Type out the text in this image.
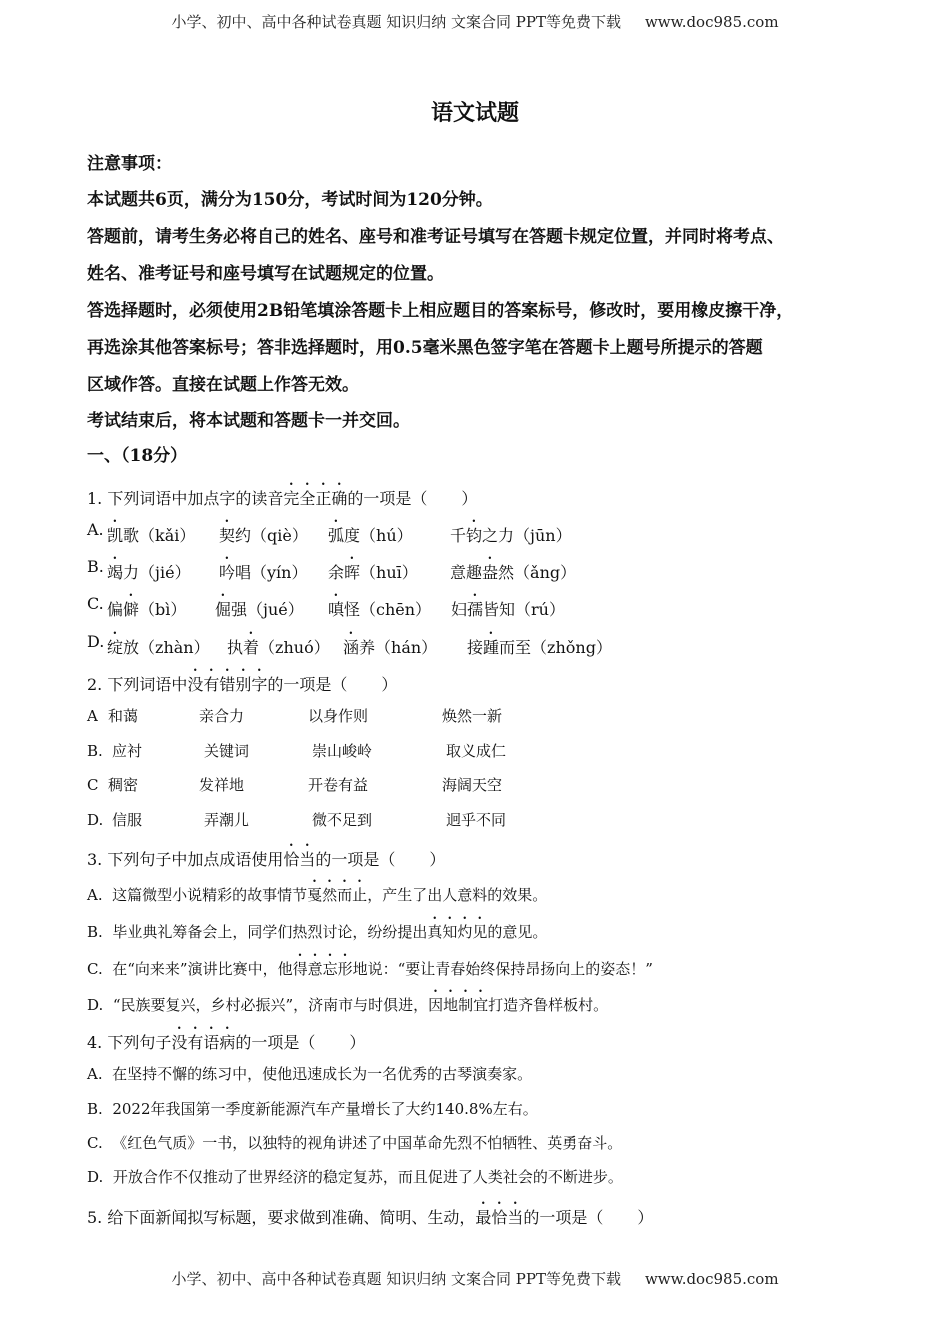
小学、初中、高中各种试卷真题 知识归纳 文案合同 PPT等免费下载 www.doc985.com
语文试题
注意事项：
本试题共6页，满分为150分，考试时间为120分钟。
答题前，请考生务必将自己的姓名、座号和准考证号填写在答题卡规定位置，并同时将考点、
姓名、准考证号和座号填写在试题规定的位置。
答选择题时，必须使用2B铅笔填涂答题卡上相应题目的答案标号，修改时，要用橡皮擦干净，
再选涂其他答案标号；答非选择题时，用0.5毫米黑色签字笔在答题卡上题号所提示的答题
区域作答。直接在试题上作答无效。
考试结束后，将本试题和答题卡一并交回。
一、（18分）
1. 下列词语中加点字的读音完全正确的一项是（ ）
A. 凯歌（kǎi） 契约（qiè） 弧度（hú） 千钧之力（jūn）
B. 竭力（jié） 吟唱（yín） 余晖（huī） 意趣盎然（ǎng）
C. 偏僻（bì） 倔强（jué） 嗔怪（chēn） 妇孺皆知（rú）
D. 绽放（zhàn） 执着（zhuó） 涵养（hán） 接踵而至（zhǒng）
2. 下列词语中没有错别字的一项是（ ）
A 和蔼	亲合力	以身作则	焕然一新
B. 应衬	关键词	崇山峻岭	取义成仁
C 稠密	发祥地	开卷有益	海阔天空
D. 信服	弄潮儿	微不足到	迥乎不同
3. 下列句子中加点成语使用恰当的一项是（ ）
A. 这篇微型小说精彩的故事情节戛然而止，产生了出人意料的效果。
B. 毕业典礼筹备会上，同学们热烈讨论，纷纷提出真知灼见的意见。
C. 在“向来来”演讲比赛中，他得意忘形地说：“要让青春始终保持昂扬向上的姿态！”
D. “民族要复兴，乡村必振兴”，济南市与时俱进，因地制宜打造齐鲁样板村。
4. 下列句子没有语病的一项是（ ）
A. 在坚持不懈的练习中，使他迅速成长为一名优秀的古琴演奏家。
B. 2022年我国第一季度新能源汽车产量增长了大约140.8%左右。
C. 《红色气质》一书，以独特的视角讲述了中国革命先烈不怕牺牲、英勇奋斗。
D. 开放合作不仅推动了世界经济的稳定复苏，而且促进了人类社会的不断进步。
5. 给下面新闻拟写标题，要求做到准确、简明、生动，最恰当的一项是（ ）
小学、初中、高中各种试卷真题 知识归纳 文案合同 PPT等免费下载 www.doc985.com
